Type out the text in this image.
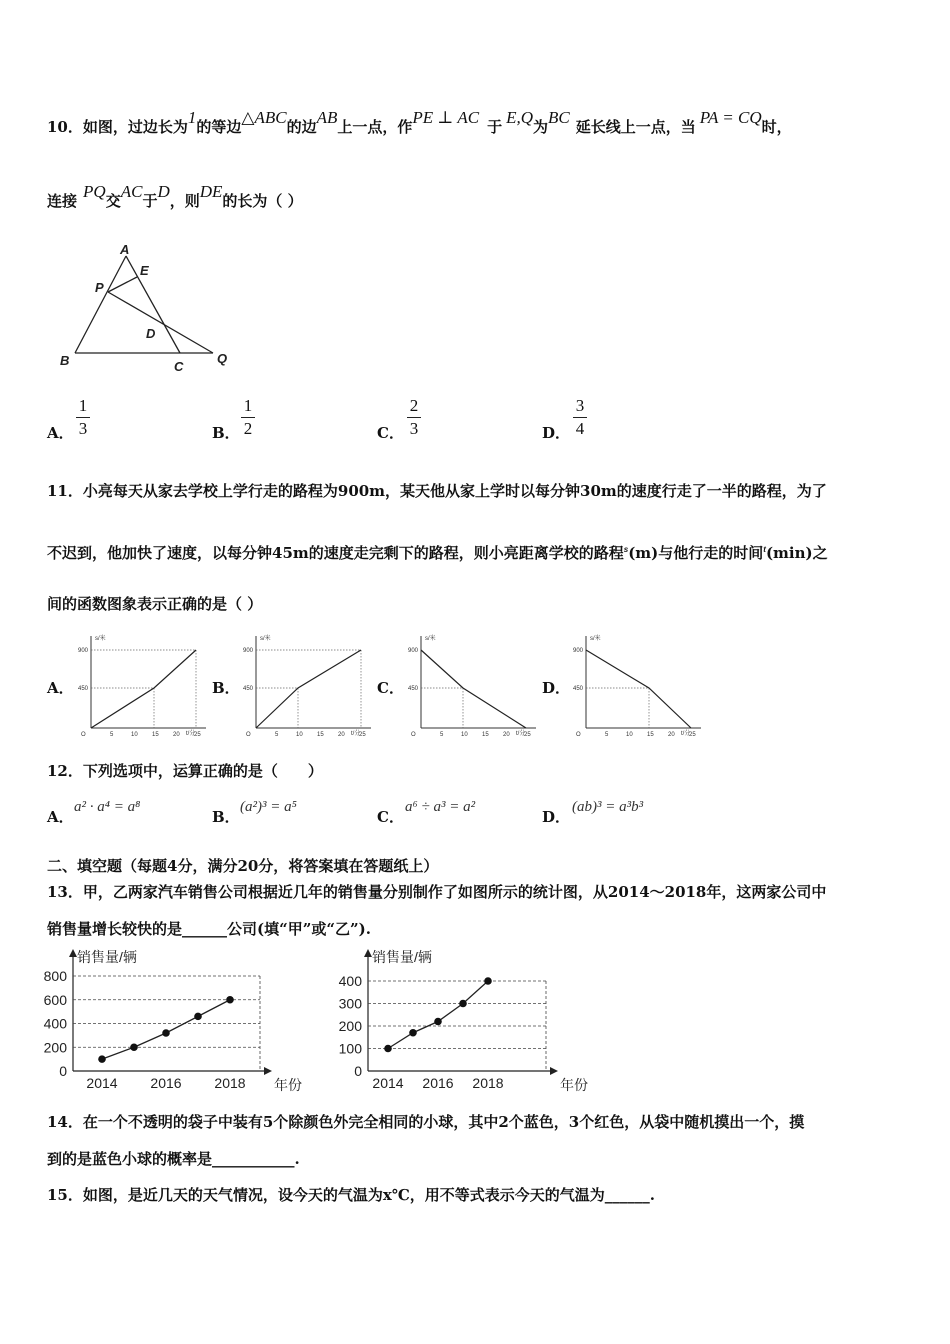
10．如图，过边长为1的等边△ABC的边AB上一点，作PE ⊥ AC 于 E,Q为BC 延长线上一点，当 PA = CQ时，
连接 PQ交AC于D，则DE的长为（ ）
A
E
P
D
B	C
Q
A．
1
3	B．
1
2	C．
2
3	D．
3
4
11．小亮每天从家去学校上学行走的路程为900m，某天他从家上学时以每分钟30m的速度行走了一半的路程，为了
不迟到，他加快了速度，以每分钟45m的速度走完剩下的路程，则小亮距离学校的路程$^s$(m)与他行走的时间$^t$(min)之
间的函数图象表示正确的是（ ）
A．
s/米
t/分
900
450
O	5	10 15 20 25
B．
s/米
t/分
900
450
O	5	10 15 20 25
C．
s/米
t/分
900
450
O	5	10 15 20 25
D．
s/米
t/分
900
450
O	5	10 15 20 25
12．下列选项中，运算正确的是（　　）
A．
a² · a⁴ = a⁸
B．
(a²)³ = a⁵
C．
a⁶ ÷ a³ = a²
D．
(ab)³ = a³b³
二、填空题（每题4分，满分20分，将答案填在答题纸上）
13．甲，乙两家汽车销售公司根据近几年的销售量分别制作了如图所示的统计图，从2014～2018年，这两家公司中
销售量增长较快的是______公司(填“甲”或“乙”).
销售量/辆
年份
0
200
400
600
800
2014 2016 2018
销售量/辆
年份
0
100
200
300
400
2014 2016 2018
14．在一个不透明的袋子中装有5个除颜色外完全相同的小球，其中2个蓝色，3个红色，从袋中随机摸出一个，摸
到的是蓝色小球的概率是___________.
15．如图，是近几天的天气情况，设今天的气温为x℃，用不等式表示今天的气温为______.
